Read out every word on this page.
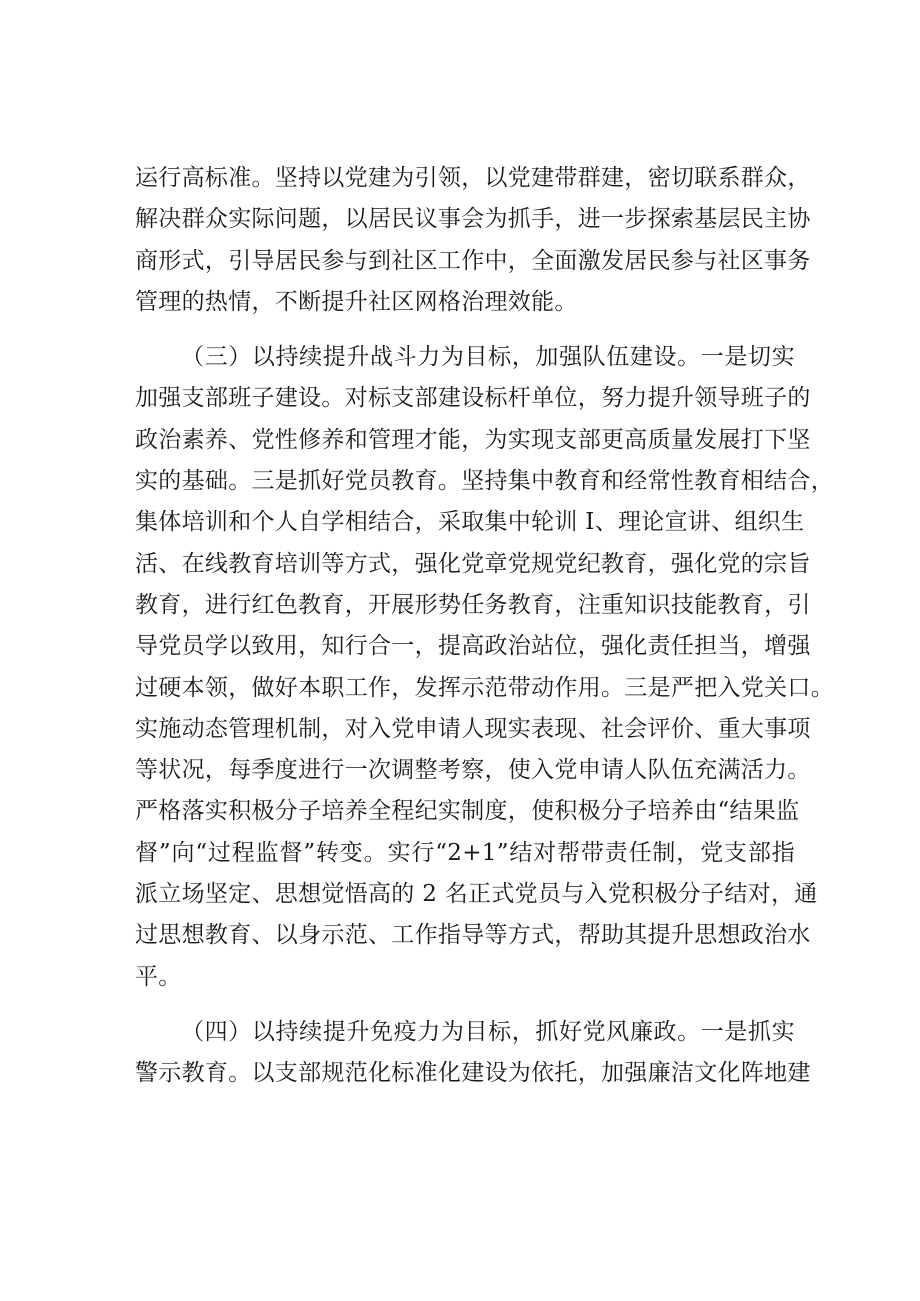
运行高标准。坚持以党建为引领，以党建带群建，密切联系群众，
解决群众实际问题，以居民议事会为抓手，进一步探索基层民主协
商形式，引导居民参与到社区工作中，全面激发居民参与社区事务
管理的热情，不断提升社区网格治理效能。
（三）以持续提升战斗力为目标，加强队伍建设。一是切实
加强支部班子建设。对标支部建设标杆单位，努力提升领导班子的
政治素养、党性修养和管理才能，为实现支部更高质量发展打下坚
实的基础。三是抓好党员教育。坚持集中教育和经常性教育相结合，
集体培训和个人自学相结合，采取集中轮训 I、理论宣讲、组织生
活、在线教育培训等方式，强化党章党规党纪教育，强化党的宗旨
教育，进行红色教育，开展形势任务教育，注重知识技能教育，引
导党员学以致用，知行合一，提高政治站位，强化责任担当，增强
过硬本领，做好本职工作，发挥示范带动作用。三是严把入党关口。
实施动态管理机制，对入党申请人现实表现、社会评价、重大事项
等状况，每季度进行一次调整考察，使入党申请人队伍充满活力。
严格落实积极分子培养全程纪实制度，使积极分子培养由“结果监
督”向“过程监督”转变。实行“2+1”结对帮带责任制，党支部指
派立场坚定、思想觉悟高的 2 名正式党员与入党积极分子结对，通
过思想教育、以身示范、工作指导等方式，帮助其提升思想政治水
平。
（四）以持续提升免疫力为目标，抓好党风廉政。一是抓实
警示教育。以支部规范化标准化建设为依托，加强廉洁文化阵地建
